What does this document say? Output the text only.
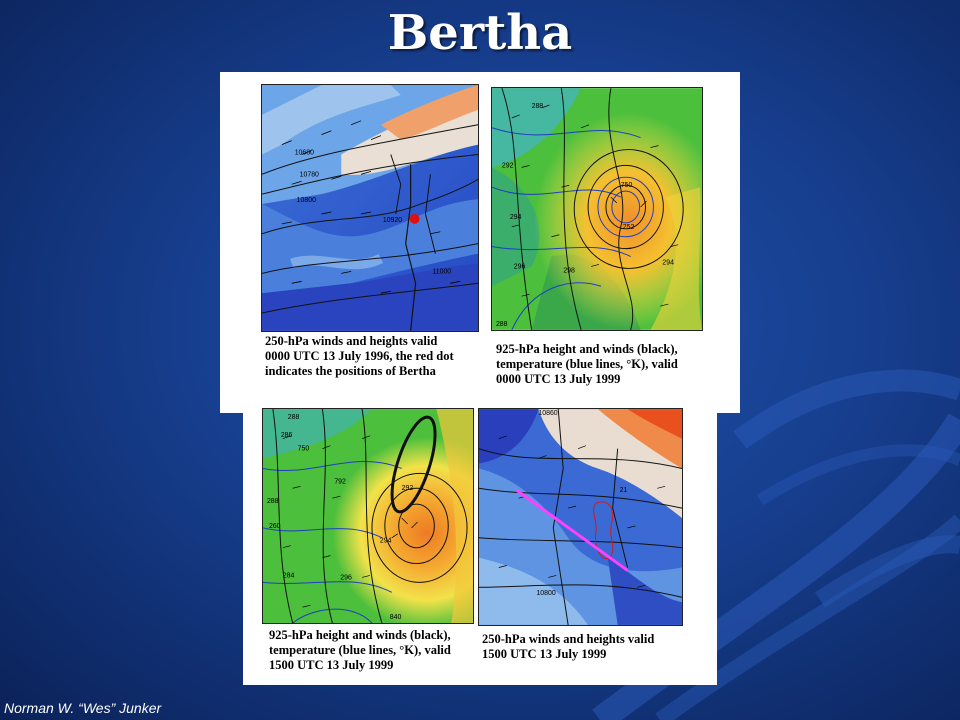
Bertha
10680
10780
10800
10920
11000
288
292
294
296
298
750
252
294
288
250-hPa winds and heights valid
0000 UTC 13 July 1996, the red dot
indicates the positions of Bertha
925-hPa height and winds (black),
temperature (blue lines, °K), valid
0000 UTC 13 July 1999
288
286
750
792
294
288
260
296
840
292
284
10860
10800
21
925-hPa height and winds (black),
temperature (blue lines, °K), valid
1500 UTC 13 July 1999
250-hPa winds and heights valid
1500 UTC 13 July 1999
Norman W. “Wes” Junker
